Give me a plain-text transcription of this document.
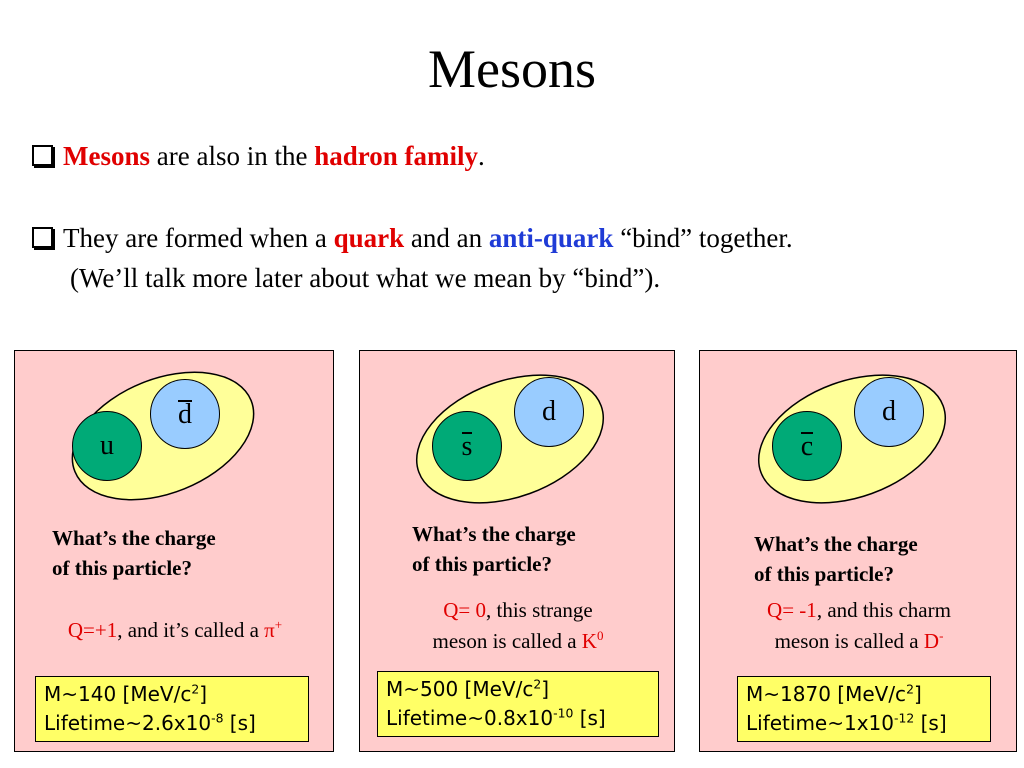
Mesons
Mesons are also in the hadron family.
They are formed when a quark and an anti-quark “bind” together.
(We’ll talk more later about what we mean by “bind”).
d
u
What’s the charge
of this particle?
Q=+1, and it’s called a π+
M~140 $[MeV/c^2]$
$Lifetime\sim 2.6x10^{-8}$ [s]
d
s
What’s the charge
of this particle?
Q= 0, this strange
meson is called a $K^0$
M~500 $[MeV/c^2]$
$Lifetime\sim 0.8x10^{-10}$ [s]
d
c
What’s the charge
of this particle?
Q= -1, and this charm
meson is called a D-
M~1870 $[MeV/c^2]$
$Lifetime\sim 1x10^{-12}$ [s]
